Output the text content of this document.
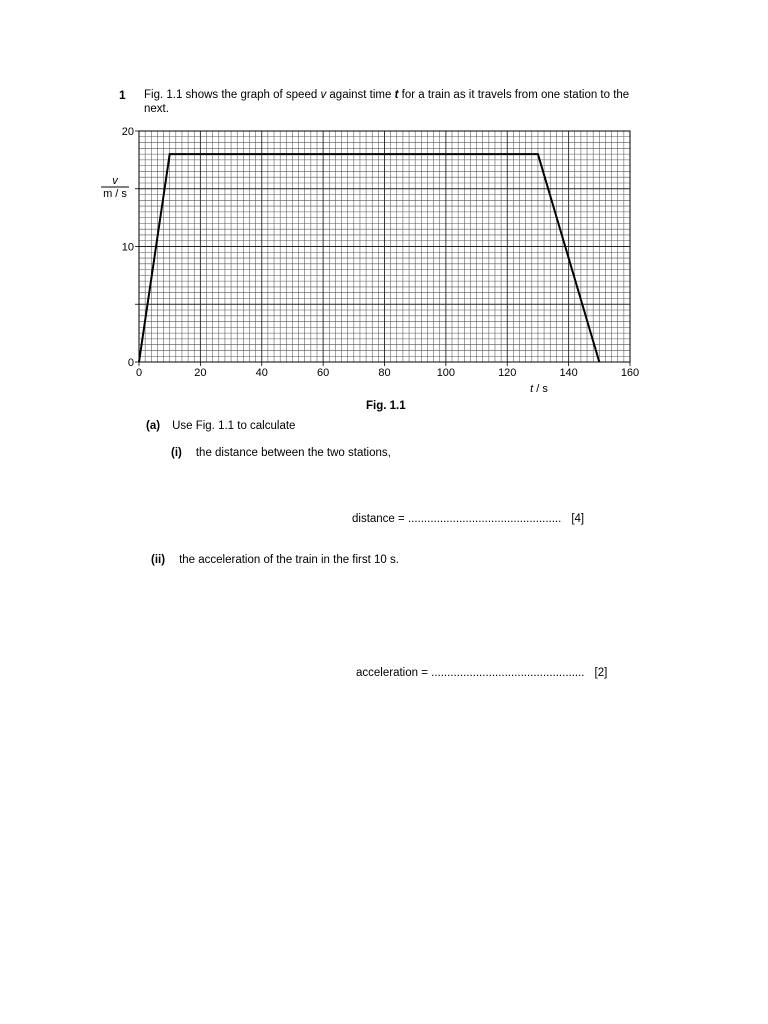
1 Fig. 1.1 shows the graph of speed v against time t for a train as it travels from one station to the next.
0	20	40	60	80	100	120	140	160
0
10
20
v
m / s
t / s
Fig. 1.1
(a) Use Fig. 1.1 to calculate
(i) the distance between the two stations,
distance = ................................................ [4]
(ii) the acceleration of the train in the first 10 s.
acceleration = ................................................ [2]
